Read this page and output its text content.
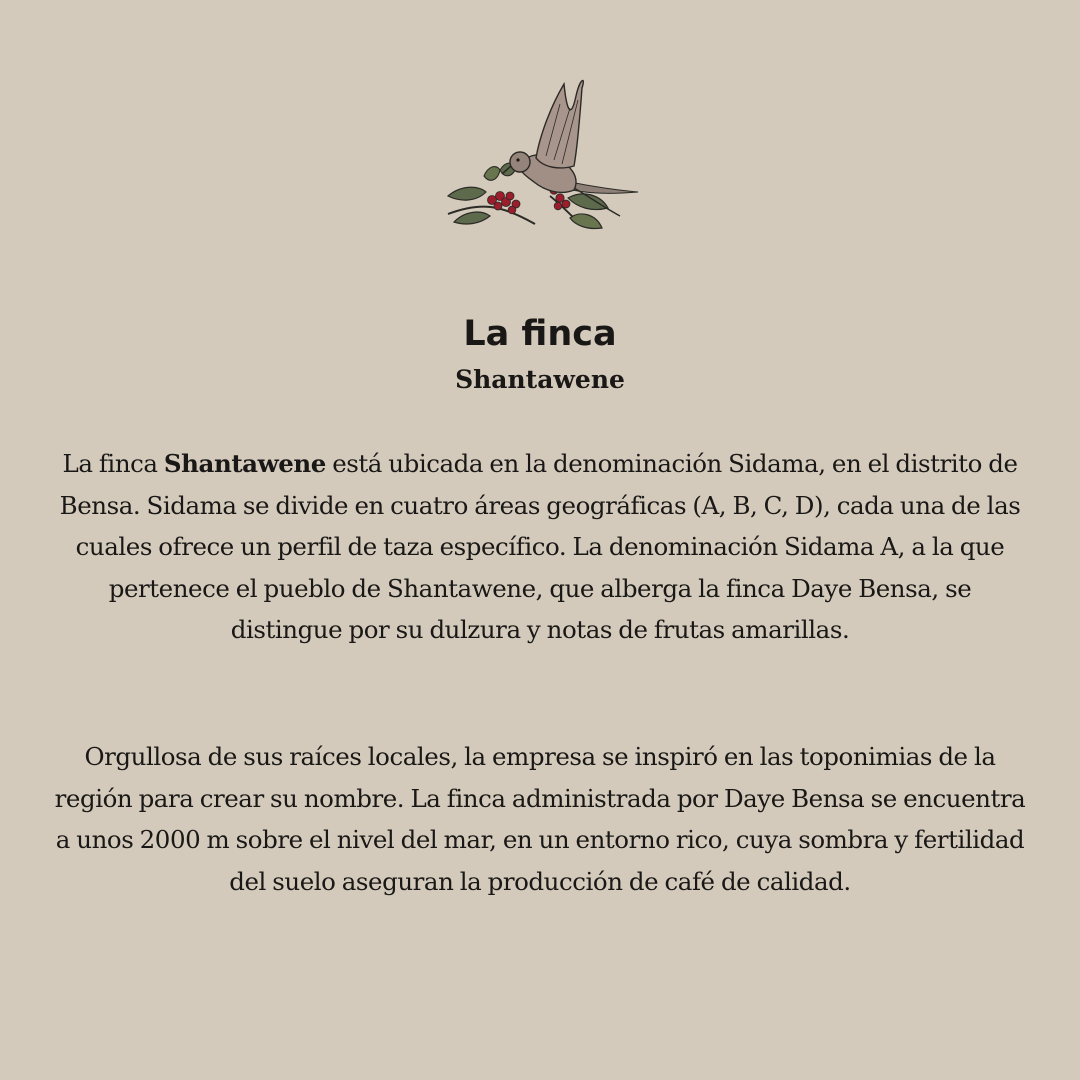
La finca
Shantawene

La finca Shantawene está ubicada en la denominación Sidama, en el distrito de Bensa. Sidama se divide en cuatro áreas geográficas (A, B, C, D), cada una de las cuales ofrece un perfil de taza específico. La denominación Sidama A, a la que pertenece el pueblo de Shantawene, que alberga la finca Daye Bensa, se distingue por su dulzura y notas de frutas amarillas.

Orgullosa de sus raíces locales, la empresa se inspiró en las toponimias de la región para crear su nombre. La finca administrada por Daye Bensa se encuentra a unos 2000 m sobre el nivel del mar, en un entorno rico, cuya sombra y fertilidad del suelo aseguran la producción de café de calidad.
